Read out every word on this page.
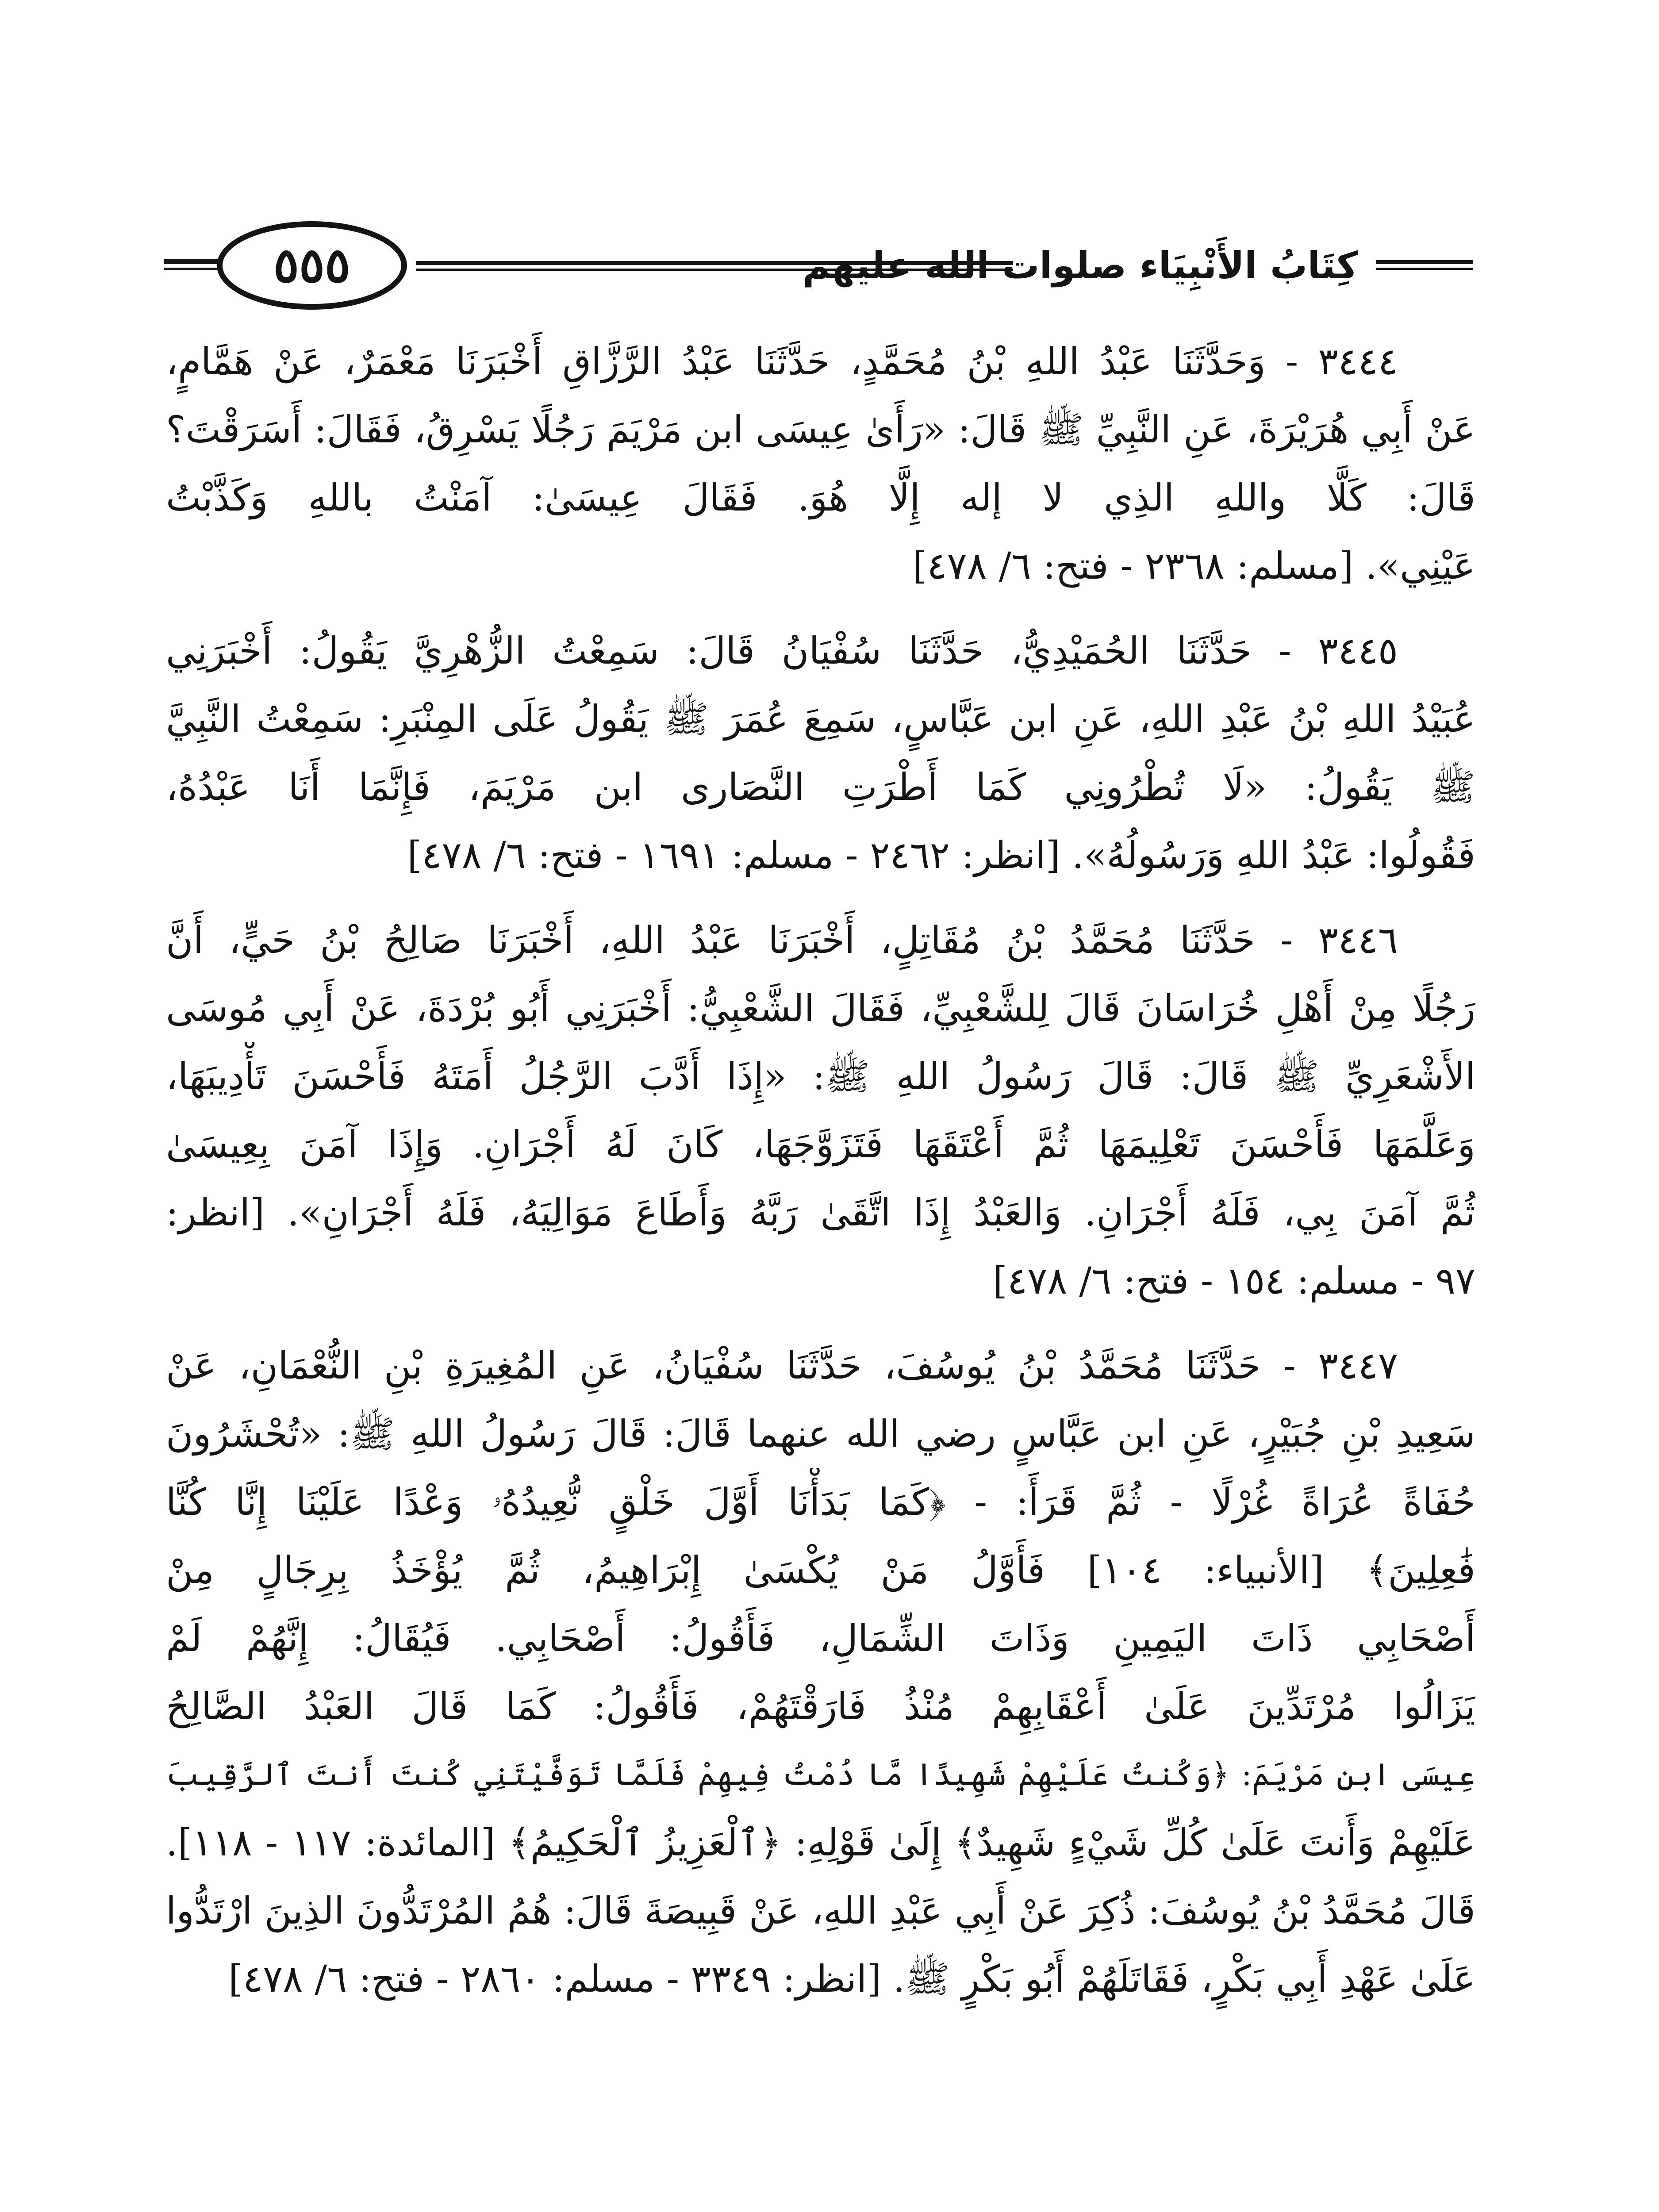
٥٥٥	كِتَابُ الأَنْبِيَاء صلوات الله عليهم
٣٤٤٤ - وَحَدَّثَنَا عَبْدُ اللهِ بْنُ مُحَمَّدٍ، حَدَّثَنَا عَبْدُ الرَّزَّاقِ أَخْبَرَنَا مَعْمَرٌ، عَنْ هَمَّامٍ،
عَنْ أَبِي هُرَيْرَةَ، عَنِ النَّبِيِّ ﷺ قَالَ: «رَأَىٰ عِيسَى ابن مَرْيَمَ رَجُلًا يَسْرِقُ، فَقَالَ: أَسَرَقْتَ؟
قَالَ: كَلَّا واللهِ الذِي لا إله إِلَّا هُوَ. فَقَالَ عِيسَىٰ: آمَنْتُ باللهِ وَكَذَّبْتُ
عَيْنِي». [مسلم: ٢٣٦٨ - فتح: ٦/ ٤٧٨]
٣٤٤٥ - حَدَّثَنَا الحُمَيْدِيُّ، حَدَّثَنَا سُفْيَانُ قَالَ: سَمِعْتُ الزُّهْرِيَّ يَقُولُ: أَخْبَرَنِي
عُبَيْدُ اللهِ بْنُ عَبْدِ اللهِ، عَنِ ابن عَبَّاسٍ، سَمِعَ عُمَرَ ﷺ يَقُولُ عَلَى المِنْبَرِ: سَمِعْتُ النَّبِيَّ
ﷺ يَقُولُ: «لَا تُطْرُونِي كَمَا أَطْرَتِ النَّصَارى ابن مَرْيَمَ، فَإِنَّمَا أَنَا عَبْدُهُ،
فَقُولُوا: عَبْدُ اللهِ وَرَسُولُهُ». [انظر: ٢٤٦٢ - مسلم: ١٦٩١ - فتح: ٦/ ٤٧٨]
٣٤٤٦ - حَدَّثَنَا مُحَمَّدُ بْنُ مُقَاتِلٍ، أَخْبَرَنَا عَبْدُ اللهِ، أَخْبَرَنَا صَالِحُ بْنُ حَيٍّ، أَنَّ
رَجُلًا مِنْ أَهْلِ خُرَاسَانَ قَالَ لِلشَّعْبِيِّ، فَقَالَ الشَّعْبِيُّ: أَخْبَرَنِي أَبُو بُرْدَةَ، عَنْ أَبِي مُوسَى
الأَشْعَرِيِّ ﷺ قَالَ: قَالَ رَسُولُ اللهِ ﷺ: «إِذَا أَدَّبَ الرَّجُلُ أَمَتَهُ فَأَحْسَنَ تَأْدِيبَهَا،
وَعَلَّمَهَا فَأَحْسَنَ تَعْلِيمَهَا ثُمَّ أَعْتَقَهَا فَتَزَوَّجَهَا، كَانَ لَهُ أَجْرَانِ. وَإِذَا آمَنَ بِعِيسَىٰ
ثُمَّ آمَنَ بِي، فَلَهُ أَجْرَانِ. وَالعَبْدُ إِذَا اتَّقَىٰ رَبَّهُ وَأَطَاعَ مَوَالِيَهُ، فَلَهُ أَجْرَانِ». [انظر:
٩٧ - مسلم: ١٥٤ - فتح: ٦/ ٤٧٨]
٣٤٤٧ - حَدَّثَنَا مُحَمَّدُ بْنُ يُوسُفَ، حَدَّثَنَا سُفْيَانُ، عَنِ المُغِيرَةِ بْنِ النُّعْمَانِ، عَنْ
سَعِيدِ بْنِ جُبَيْرٍ، عَنِ ابن عَبَّاسٍ رضي الله عنهما قَالَ: قَالَ رَسُولُ اللهِ ﷺ: «تُحْشَرُونَ
حُفَاةً عُرَاةً غُرْلًا - ثُمَّ قَرَأَ: - ﴿كَمَا بَدَأْنَا أَوَّلَ خَلْقٍ نُّعِيدُهُۥ وَعْدًا عَلَيْنَا إِنَّا كُنَّا
فَٰعِلِينَ﴾ [الأنبياء: ١٠٤] فَأَوَّلُ مَنْ يُكْسَىٰ إِبْرَاهِيمُ، ثُمَّ يُؤْخَذُ بِرِجَالٍ مِنْ
أَصْحَابِي ذَاتَ اليَمِينِ وَذَاتَ الشِّمَالِ، فَأَقُولُ: أَصْحَابِي. فَيُقَالُ: إِنَّهُمْ لَمْ
يَزَالُوا مُرْتَدِّينَ عَلَىٰ أَعْقَابِهِمْ مُنْذُ فَارَقْتَهُمْ، فَأَقُولُ: كَمَا قَالَ العَبْدُ الصَّالِحُ
عِيسَى ابن مَرْيَمَ: ﴿وَكُنتُ عَلَيْهِمْ شَهِيدًا مَّا دُمْتُ فِيهِمْ فَلَمَّا تَوَفَّيْتَنِي كُنتَ أَنتَ ٱلرَّقِيبَ
عَلَيْهِمْ وَأَنتَ عَلَىٰ كُلِّ شَيْءٍ شَهِيدٌ﴾ إِلَىٰ قَوْلِهِ: ﴿ٱلْعَزِيزُ ٱلْحَكِيمُ﴾ [المائدة: ١١٧ - ١١٨].
قَالَ مُحَمَّدُ بْنُ يُوسُفَ: ذُكِرَ عَنْ أَبِي عَبْدِ اللهِ، عَنْ قَبِيصَةَ قَالَ: هُمُ المُرْتَدُّونَ الذِينَ ارْتَدُّوا
عَلَىٰ عَهْدِ أَبِي بَكْرٍ، فَقَاتَلَهُمْ أَبُو بَكْرٍ ﷺ. [انظر: ٣٣٤٩ - مسلم: ٢٨٦٠ - فتح: ٦/ ٤٧٨]
